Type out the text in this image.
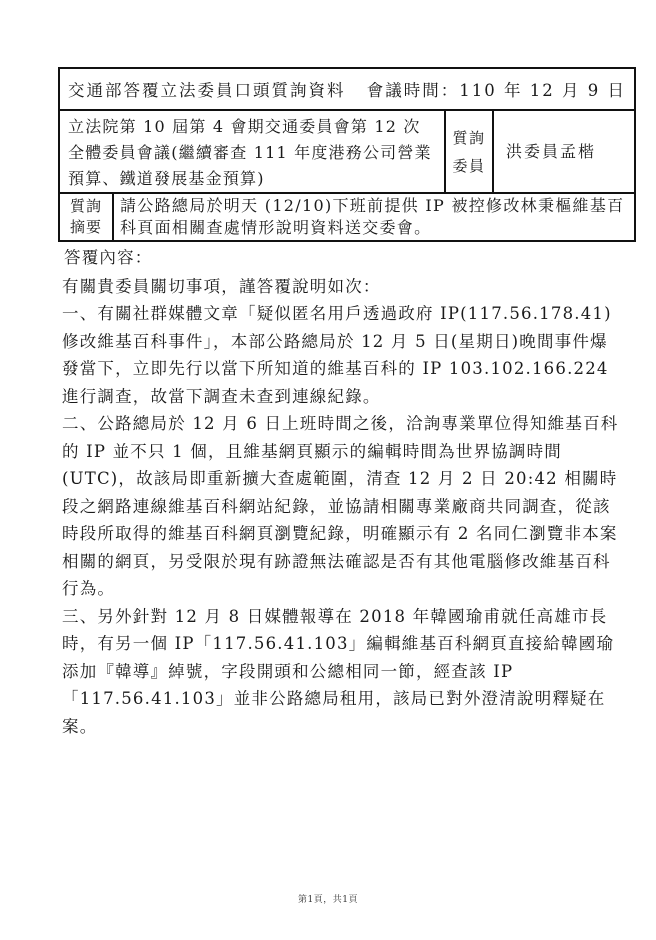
交通部答覆立法委員口頭質詢資料 會議時間：110 年 12 月 9 日
立法院第 10 屆第 4 會期交通委員會第 12 次全體委員會議(繼續審查 111 年度港務公司營業預算、鐵道發展基金預算)
質詢
委員
洪委員孟楷
質詢
摘要
請公路總局於明天 (12/10)下班前提供 IP 被控修改林秉樞維基百科頁面相關查處情形說明資料送交委會。

答覆內容：

有關貴委員關切事項，謹答覆說明如次：

一、有關社群媒體文章「疑似匿名用戶透過政府 IP(117.56.178.41)修改維基百科事件」，本部公路總局於 12 月 5 日(星期日)晚間事件爆發當下，立即先行以當下所知道的維基百科的 IP 103.102.166.224 進行調查，故當下調查未查到連線紀錄。

二、公路總局於 12 月 6 日上班時間之後，洽詢專業單位得知維基百科的 IP 並不只 1 個，且維基網頁顯示的編輯時間為世界協調時間(UTC)，故該局即重新擴大查處範圍，清查 12 月 2 日 20:42 相關時段之網路連線維基百科網站紀錄，並協請相關專業廠商共同調查，從該時段所取得的維基百科網頁瀏覽紀錄，明確顯示有 2 名同仁瀏覽非本案相關的網頁，另受限於現有跡證無法確認是否有其他電腦修改維基百科行為。

三、另外針對 12 月 8 日媒體報導在 2018 年韓國瑜甫就任高雄市長時，有另一個 IP「117.56.41.103」編輯維基百科網頁直接給韓國瑜添加『韓導』綽號，字段開頭和公總相同一節，經查該 IP「117.56.41.103」並非公路總局租用，該局已對外澄清說明釋疑在案。

第1頁，共1頁
